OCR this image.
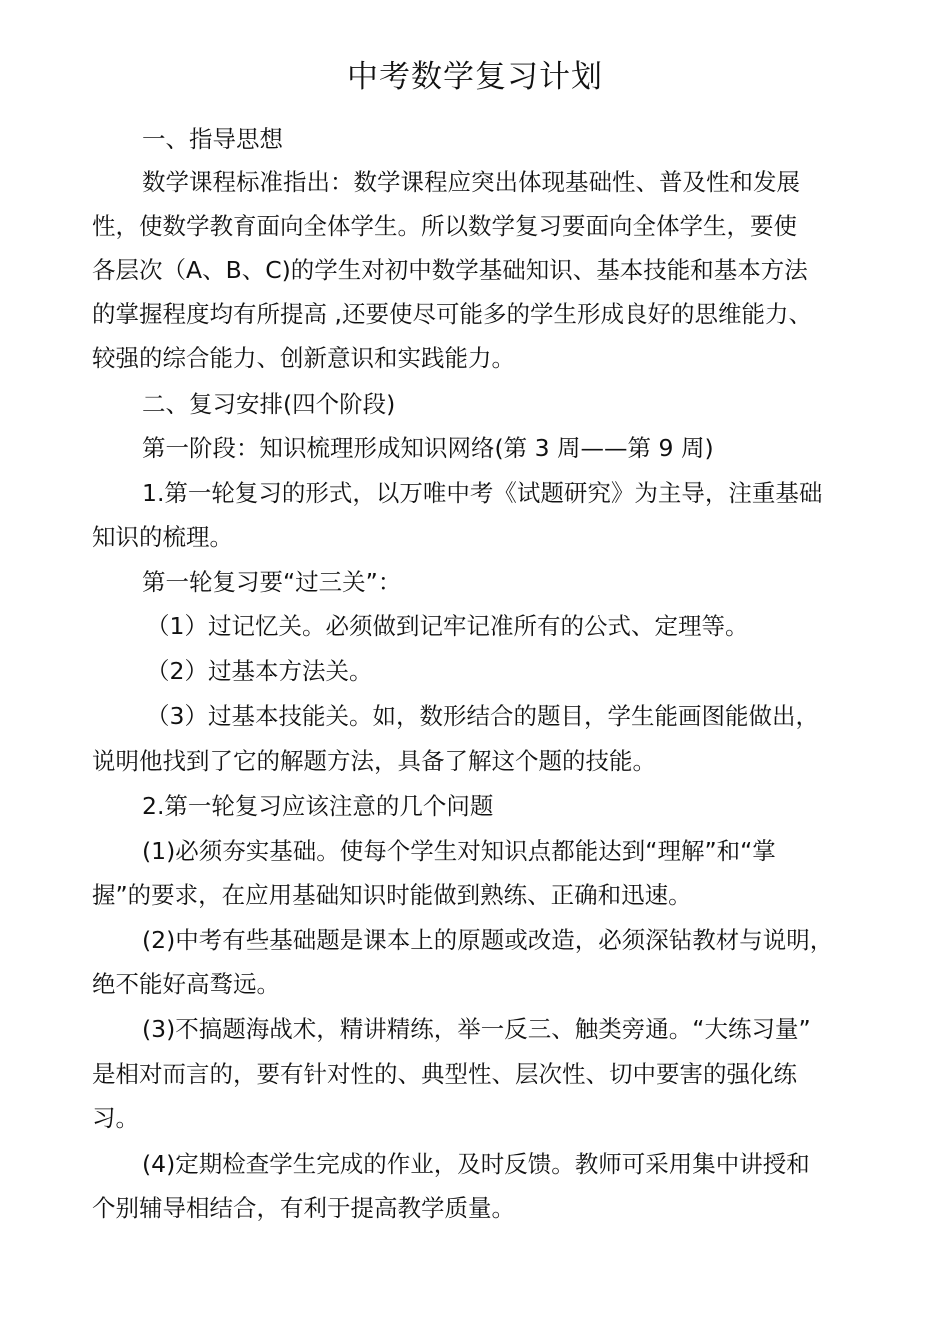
中考数学复习计划
一、指导思想
数学课程标准指出：数学课程应突出体现基础性、普及性和发展
性，使数学教育面向全体学生。所以数学复习要面向全体学生，要使
各层次（A、B、C)的学生对初中数学基础知识、基本技能和基本方法
的掌握程度均有所提高 ,还要使尽可能多的学生形成良好的思维能力、
较强的综合能力、创新意识和实践能力。
二、复习安排(四个阶段)
第一阶段：知识梳理形成知识网络(第 3 周——第 9 周)
1.第一轮复习的形式，以万唯中考《试题研究》为主导，注重基础
知识的梳理。
第一轮复习要“过三关”：
（1）过记忆关。必须做到记牢记准所有的公式、定理等。
（2）过基本方法关。
（3）过基本技能关。如，数形结合的题目，学生能画图能做出，
说明他找到了它的解题方法，具备了解这个题的技能。
2.第一轮复习应该注意的几个问题
(1)必须夯实基础。使每个学生对知识点都能达到“理解”和“掌
握”的要求，在应用基础知识时能做到熟练、正确和迅速。
(2)中考有些基础题是课本上的原题或改造，必须深钻教材与说明，
绝不能好高骛远。
(3)不搞题海战术，精讲精练，举一反三、触类旁通。“大练习量”
是相对而言的，要有针对性的、典型性、层次性、切中要害的强化练
习。
(4)定期检查学生完成的作业，及时反馈。教师可采用集中讲授和
个别辅导相结合，有利于提高教学质量。
